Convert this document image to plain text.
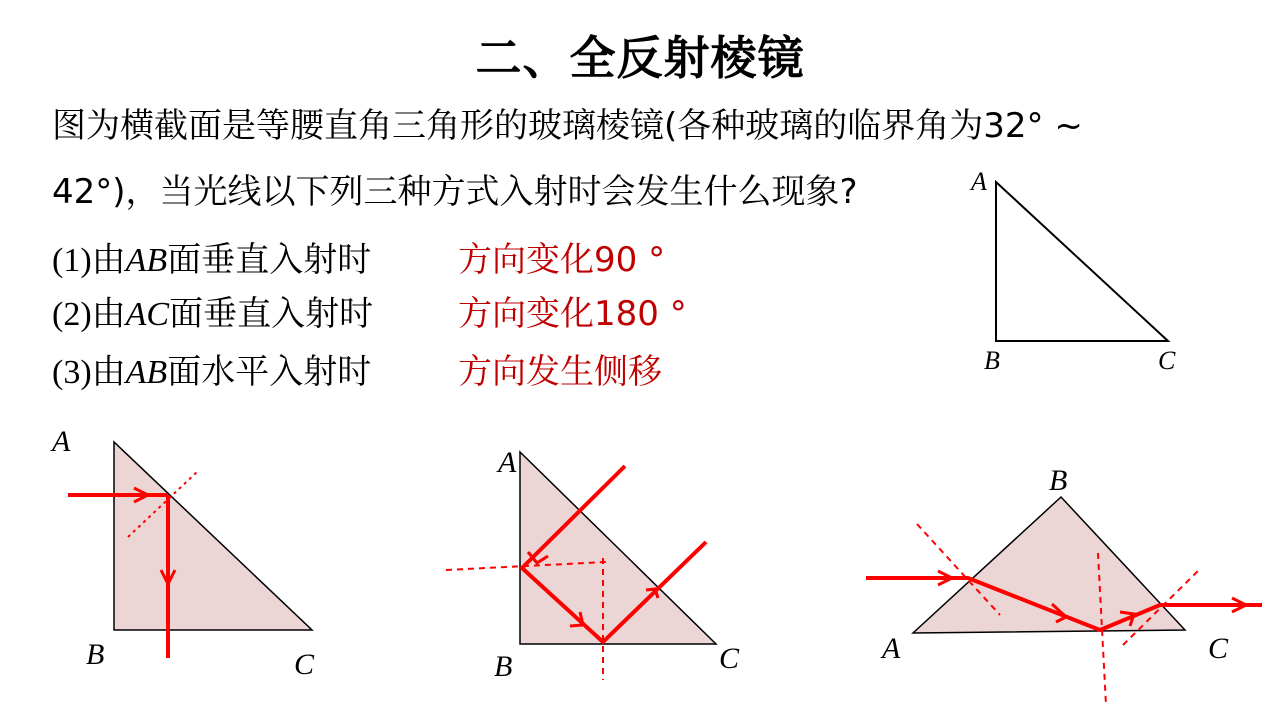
二、全反射棱镜
图为横截面是等腰直角三角形的玻璃棱镜(各种玻璃的临界角为32° ~
42°)，当光线以下列三种方式入射时会发生什么现象?
(1)由AB面垂直入射时	方向变化90 °
(2)由AC面垂直入射时 方向变化180 °
(3)由AB面水平入射时	方向发生侧移
A
B	C
A
B	C
A
B	C	A
B
C
